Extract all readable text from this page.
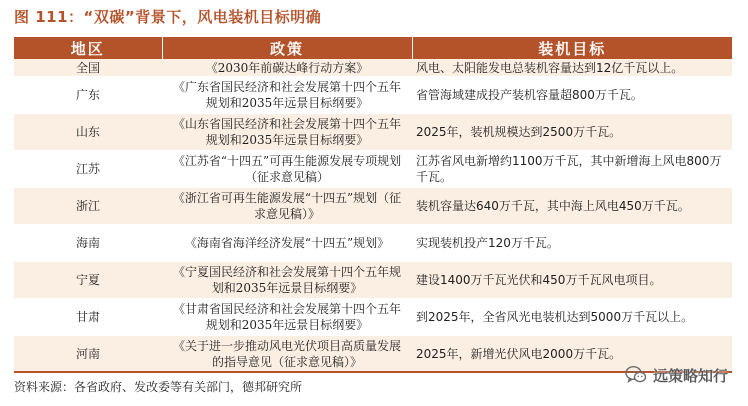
图 111：“双碳”背景下，风电装机目标明确
地区	政策	装机目标
全国	《2030年前碳达峰行动方案》	风电、太阳能发电总装机容量达到12亿千瓦以上。
广东	《广东省国民经济和社会发展第十四个五年规划和2035年远景目标纲要》	省管海域建成投产装机容量超800万千瓦。
山东	《山东省国民经济和社会发展第十四个五年规划和2035年远景目标纲要》	2025年，装机规模达到2500万千瓦。
江苏	《江苏省“十四五”可再生能源发展专项规划（征求意见稿）	江苏省风电新增约1100万千瓦，其中新增海上风电800万千瓦。
浙江	《浙江省可再生能源发展“十四五”规划（征求意见稿）》	装机容量达640万千瓦，其中海上风电450万千瓦。
海南	《海南省海洋经济发展“十四五”规划》	实现装机投产120万千瓦。
宁夏	《宁夏国民经济和社会发展第十四个五年规划和2035年远景目标纲要》	建设1400万千瓦光伏和450万千瓦风电项目。
甘肃	《甘肃省国民经济和社会发展第十四个五年规划和2035年远景目标纲要》	到2025年，全省风光电装机达到5000万千瓦以上。
河南	《关于进一步推动风电光伏项目高质量发展的指导意见（征求意见稿）》	2025年，新增光伏风电2000万千瓦。
资料来源：各省政府、发改委等有关部门，德邦研究所
远策略知行
